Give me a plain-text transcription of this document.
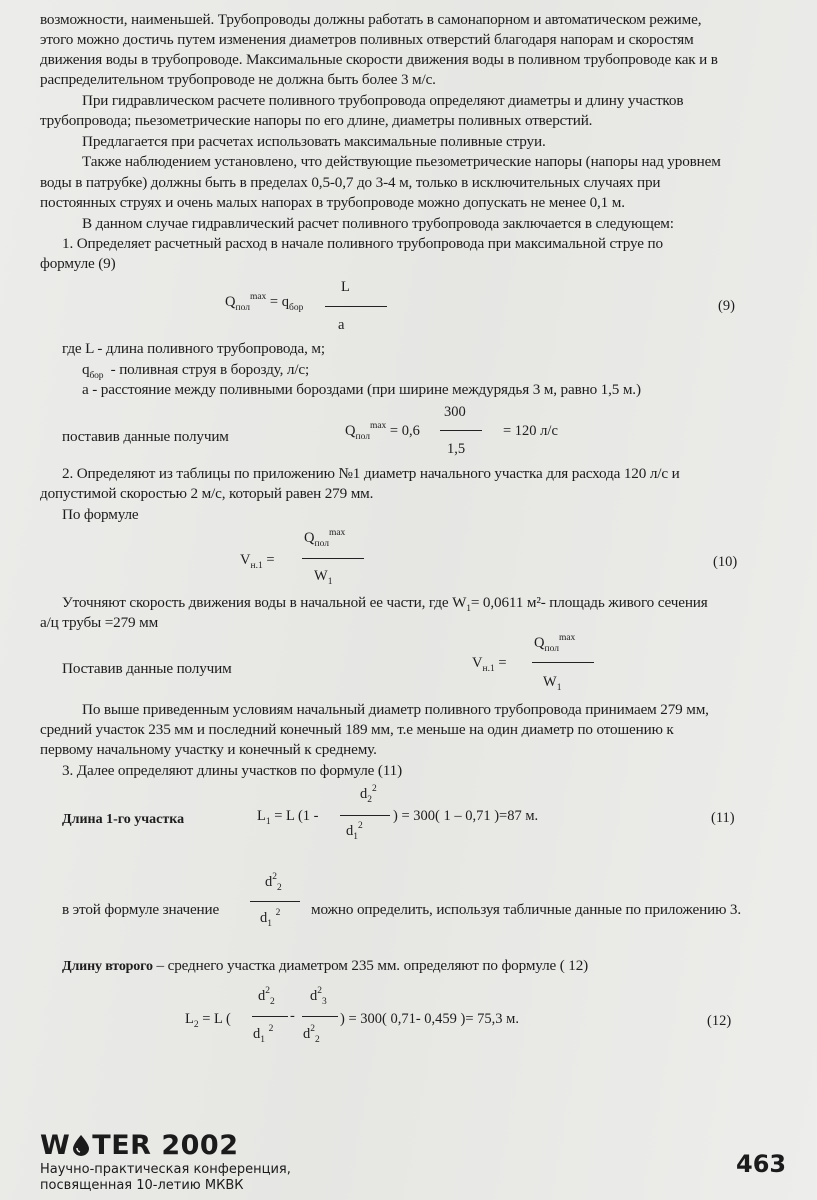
возможности, наименьшей. Трубопроводы должны работать в самонапорном и автоматическом режиме,
этого можно достичь путем изменения диаметров поливных отверстий благодаря напорам и скоростям
движения воды в трубопроводе. Максимальные скорости движения воды в поливном трубопроводе как и в
распределительном трубопроводе не должна быть более 3 м/с.
При гидравлическом расчете поливного трубопровода определяют диаметры и длину участков
трубопровода; пьезометрические напоры по его длине, диаметры поливных отверстий.
Предлагается при расчетах использовать максимальные поливные струи.
Также наблюдением установлено, что действующие пьезометрические напоры (напоры над уровнем
воды в патрубке) должны быть в пределах 0,5-0,7 до 3-4 м, только в исключительных случаях при
постоянных струях и очень малых напорах в трубопроводе можно допускать не менее 0,1 м.
В данном случае гидравлический расчет поливного трубопровода заключается в следующем:
1. Определяет расчетный расход в начале поливного трубопровода при максимальной струе по
формуле (9)
$Q_{пол}^{max} = q_{бор}$
L
a
(9)
где L - длина поливного трубопровода, м;
$q_{бор}$ - поливная струя в борозду, л/с;
a - расстояние между поливными бороздами (при ширине междурядья 3 м, равно 1,5 м.)
поставив данные получим	$Q_{пол}^{max} = 0,6$
300
1,5
= 120 л/с
2. Определяют из таблицы по приложению №1 диаметр начального участка для расхода 120 л/с и
допустимой скоростью 2 м/с, который равен 279 мм.
По формуле
$V_{н.1}$ =
$Q_{пол}^{max}$
$W_1$
(10)
Уточняют скорость движения воды в начальной ее части, где $W_1= 0,0611$ м²- площадь живого сечения
а/ц трубы =279 мм
Поставив данные получим	$V_{н.1}$ =
$Q_{пол}^{max}$
$W_1$
По выше приведенным условиям начальный диаметр поливного трубопровода принимаем 279 мм,
средний участок 235 мм и последний конечный 189 мм, т.е меньше на один диаметр по отошению к
первому начальному участку и конечный к среднему.
3. Далее определяют длины участков по формуле (11)
Длина 1-го участка	$L_1 = L$ (1 -
$d_2^2$
$d_1^2$
) = 300( 1 – 0,71 )=87 м.	(11)
в этой формуле значение
$d^2_2$
$d_1$ $^2$ можно определить, используя табличные данные по приложению 3.
Длину второго – среднего участка диаметром 235 мм. определяют по формуле ( 12)
$L_2 = L$ (
$d^2_2$
$d_1$ $^2$
-
$d^2_3$
$d^2_2$
) = 300( 0,71- 0,459 )= 75,3 м.	(12)
W TER 2002
Научно-практическая конференция,
посвященная 10-летию МКВК
463
